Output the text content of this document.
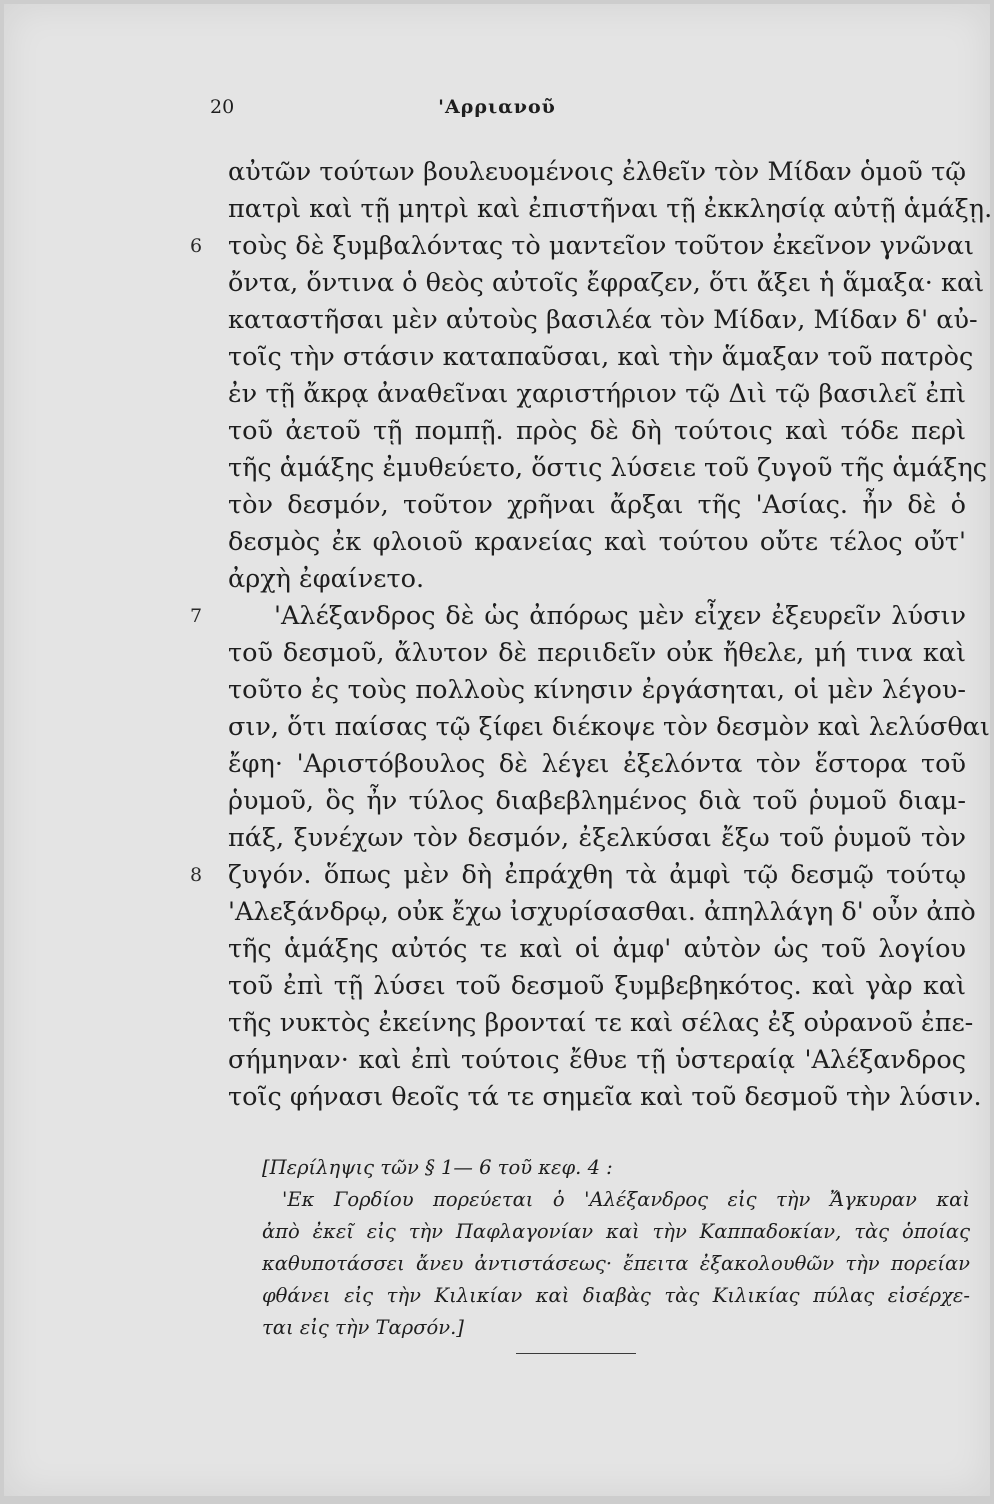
20	'Αρριανοῦ
αὐτῶν τούτων βουλευομένοις ἐλθεῖν τὸν Μίδαν ὁμοῦ τῷ
πατρὶ καὶ τῇ μητρὶ καὶ ἐπιστῆναι τῇ ἐκκλησίᾳ αὐτῇ ἁμάξῃ.
6	τοὺς δὲ ξυμβαλόντας τὸ μαντεῖον τοῦτον ἐκεῖνον γνῶναι
ὄντα, ὅντινα ὁ θεὸς αὐτοῖς ἔφραζεν, ὅτι ἄξει ἡ ἅμαξα· καὶ
καταστῆσαι μὲν αὐτοὺς βασιλέα τὸν Μίδαν, Μίδαν δ' αὐ-
τοῖς τὴν στάσιν καταπαῦσαι, καὶ τὴν ἅμαξαν τοῦ πατρὸς
ἐν τῇ ἄκρᾳ ἀναθεῖναι χαριστήριον τῷ Διὶ τῷ βασιλεῖ ἐπὶ
τοῦ ἀετοῦ τῇ πομπῇ. πρὸς δὲ δὴ τούτοις καὶ τόδε περὶ
τῆς ἁμάξης ἐμυθεύετο, ὅστις λύσειε τοῦ ζυγοῦ τῆς ἁμάξης
τὸν δεσμόν, τοῦτον χρῆναι ἄρξαι τῆς 'Ασίας. ἦν δὲ ὁ
δεσμὸς ἐκ φλοιοῦ κρανείας καὶ τούτου οὔτε τέλος οὔτ'
ἀρχὴ ἐφαίνετο.
7	'Αλέξανδρος δὲ ὡς ἀπόρως μὲν εἶχεν ἐξευρεῖν λύσιν
τοῦ δεσμοῦ, ἄλυτον δὲ περιιδεῖν οὐκ ἤθελε, μή τινα καὶ
τοῦτο ἐς τοὺς πολλοὺς κίνησιν ἐργάσηται, οἱ μὲν λέγου-
σιν, ὅτι παίσας τῷ ξίφει διέκοψε τὸν δεσμὸν καὶ λελύσθαι
ἔφη· 'Αριστόβουλος δὲ λέγει ἐξελόντα τὸν ἕστορα τοῦ
ῥυμοῦ, ὃς ἦν τύλος διαβεβλημένος διὰ τοῦ ῥυμοῦ διαμ-
πάξ, ξυνέχων τὸν δεσμόν, ἐξελκύσαι ἔξω τοῦ ῥυμοῦ τὸν
8	ζυγόν. ὅπως μὲν δὴ ἐπράχθη τὰ ἀμφὶ τῷ δεσμῷ τούτῳ
'Αλεξάνδρῳ, οὐκ ἔχω ἰσχυρίσασθαι. ἀπηλλάγη δ' οὖν ἀπὸ
τῆς ἁμάξης αὐτός τε καὶ οἱ ἀμφ' αὐτὸν ὡς τοῦ λογίου
τοῦ ἐπὶ τῇ λύσει τοῦ δεσμοῦ ξυμβεβηκότος. καὶ γὰρ καὶ
τῆς νυκτὸς ἐκείνης βρονταί τε καὶ σέλας ἐξ οὐρανοῦ ἐπε-
σήμηναν· καὶ ἐπὶ τούτοις ἔθυε τῇ ὑστεραίᾳ 'Αλέξανδρος
τοῖς φήνασι θεοῖς τά τε σημεῖα καὶ τοῦ δεσμοῦ τὴν λύσιν.
[Περίληψις τῶν § 1— 6 τοῦ κεφ. 4 :
'Εκ Γορδίου πορεύεται ὁ 'Αλέξανδρος εἰς τὴν Ἄγκυραν καὶ
ἀπὸ ἐκεῖ εἰς τὴν Παφλαγονίαν καὶ τὴν Καππαδοκίαν, τὰς ὁποίας
καθυποτάσσει ἄνευ ἀντιστάσεως· ἔπειτα ἐξακολουθῶν τὴν πορείαν
φθάνει εἰς τὴν Κιλικίαν καὶ διαβὰς τὰς Κιλικίας πύλας εἰσέρχε-
ται εἰς τὴν Ταρσόν.]
